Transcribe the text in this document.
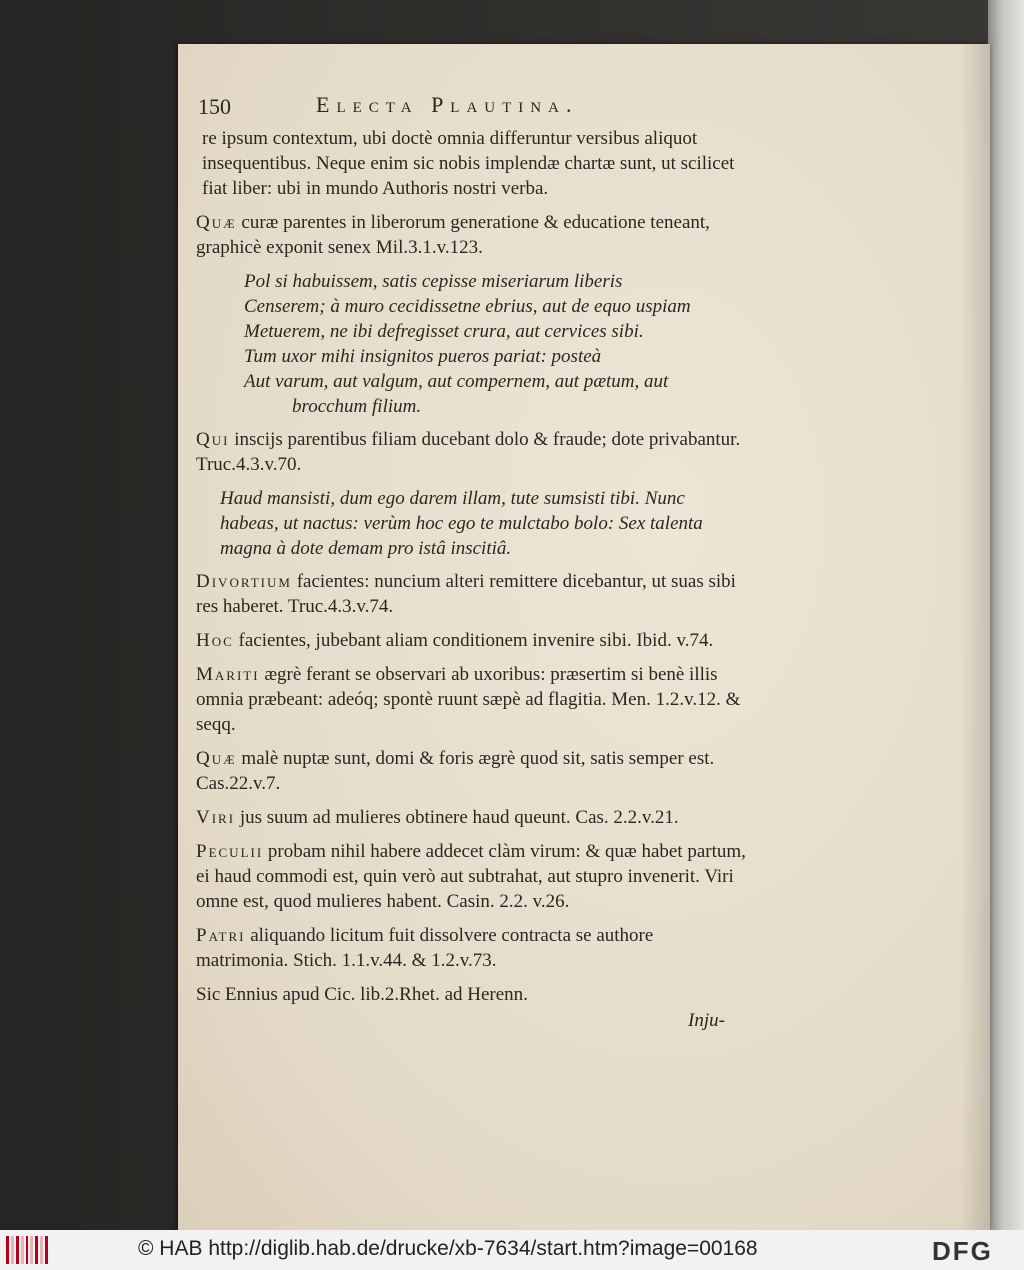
150	Electa Plautina.

re ipsum contextum, ubi doctè omnia differuntur versibus aliquot insequentibus. Neque enim sic nobis implendæ chartæ sunt, ut scilicet fiat liber: ubi in mundo Authoris nostri verba.

Quæ curæ parentes in liberorum generatione & educatione teneant, graphicè exponit senex Mil.3.1.v.123.

Pol si habuissem, satis cepisse miseriarum liberis
Censerem; à muro cecidissetne ebrius, aut de equo uspiam
Metuerem, ne ibi defregisset crura, aut cervices sibi.
Tum uxor mihi insignitos pueros pariat: posteà
Aut varum, aut valgum, aut compernem, aut pætum, aut
brocchum filium.

Qui inscijs parentibus filiam ducebant dolo & fraude; dote privabantur. Truc.4.3.v.70.

Haud mansisti, dum ego darem illam, tute sumsisti tibi. Nunc habeas, ut nactus: verùm hoc ego te mulctabo bolo: Sex talenta magna à dote demam pro istâ inscitiâ.

Divortium facientes: nuncium alteri remittere dicebantur, ut suas sibi res haberet. Truc.4.3.v.74.

Hoc facientes, jubebant aliam conditionem invenire sibi. Ibid. v.74.

Mariti ægrè ferant se observari ab uxoribus: præsertim si benè illis omnia præbeant: adeóq; spontè ruunt sæpè ad flagitia. Men. 1.2.v.12. & seqq.

Quæ malè nuptæ sunt, domi & foris ægrè quod sit, satis semper est. Cas.22.v.7.

Viri jus suum ad mulieres obtinere haud queunt. Cas. 2.2.v.21.

Peculii probam nihil habere addecet clàm virum: & quæ habet partum, ei haud commodi est, quin verò aut subtrahat, aut stupro invenerit. Viri omne est, quod mulieres habent. Casin. 2.2. v.26.

Patri aliquando licitum fuit dissolvere contracta se authore matrimonia. Stich. 1.1.v.44. & 1.2.v.73.

Sic Ennius apud Cic. lib.2.Rhet. ad Herenn.

Inju-
© HAB http://diglib.hab.de/drucke/xb-7634/start.htm?image=00168	DFG
